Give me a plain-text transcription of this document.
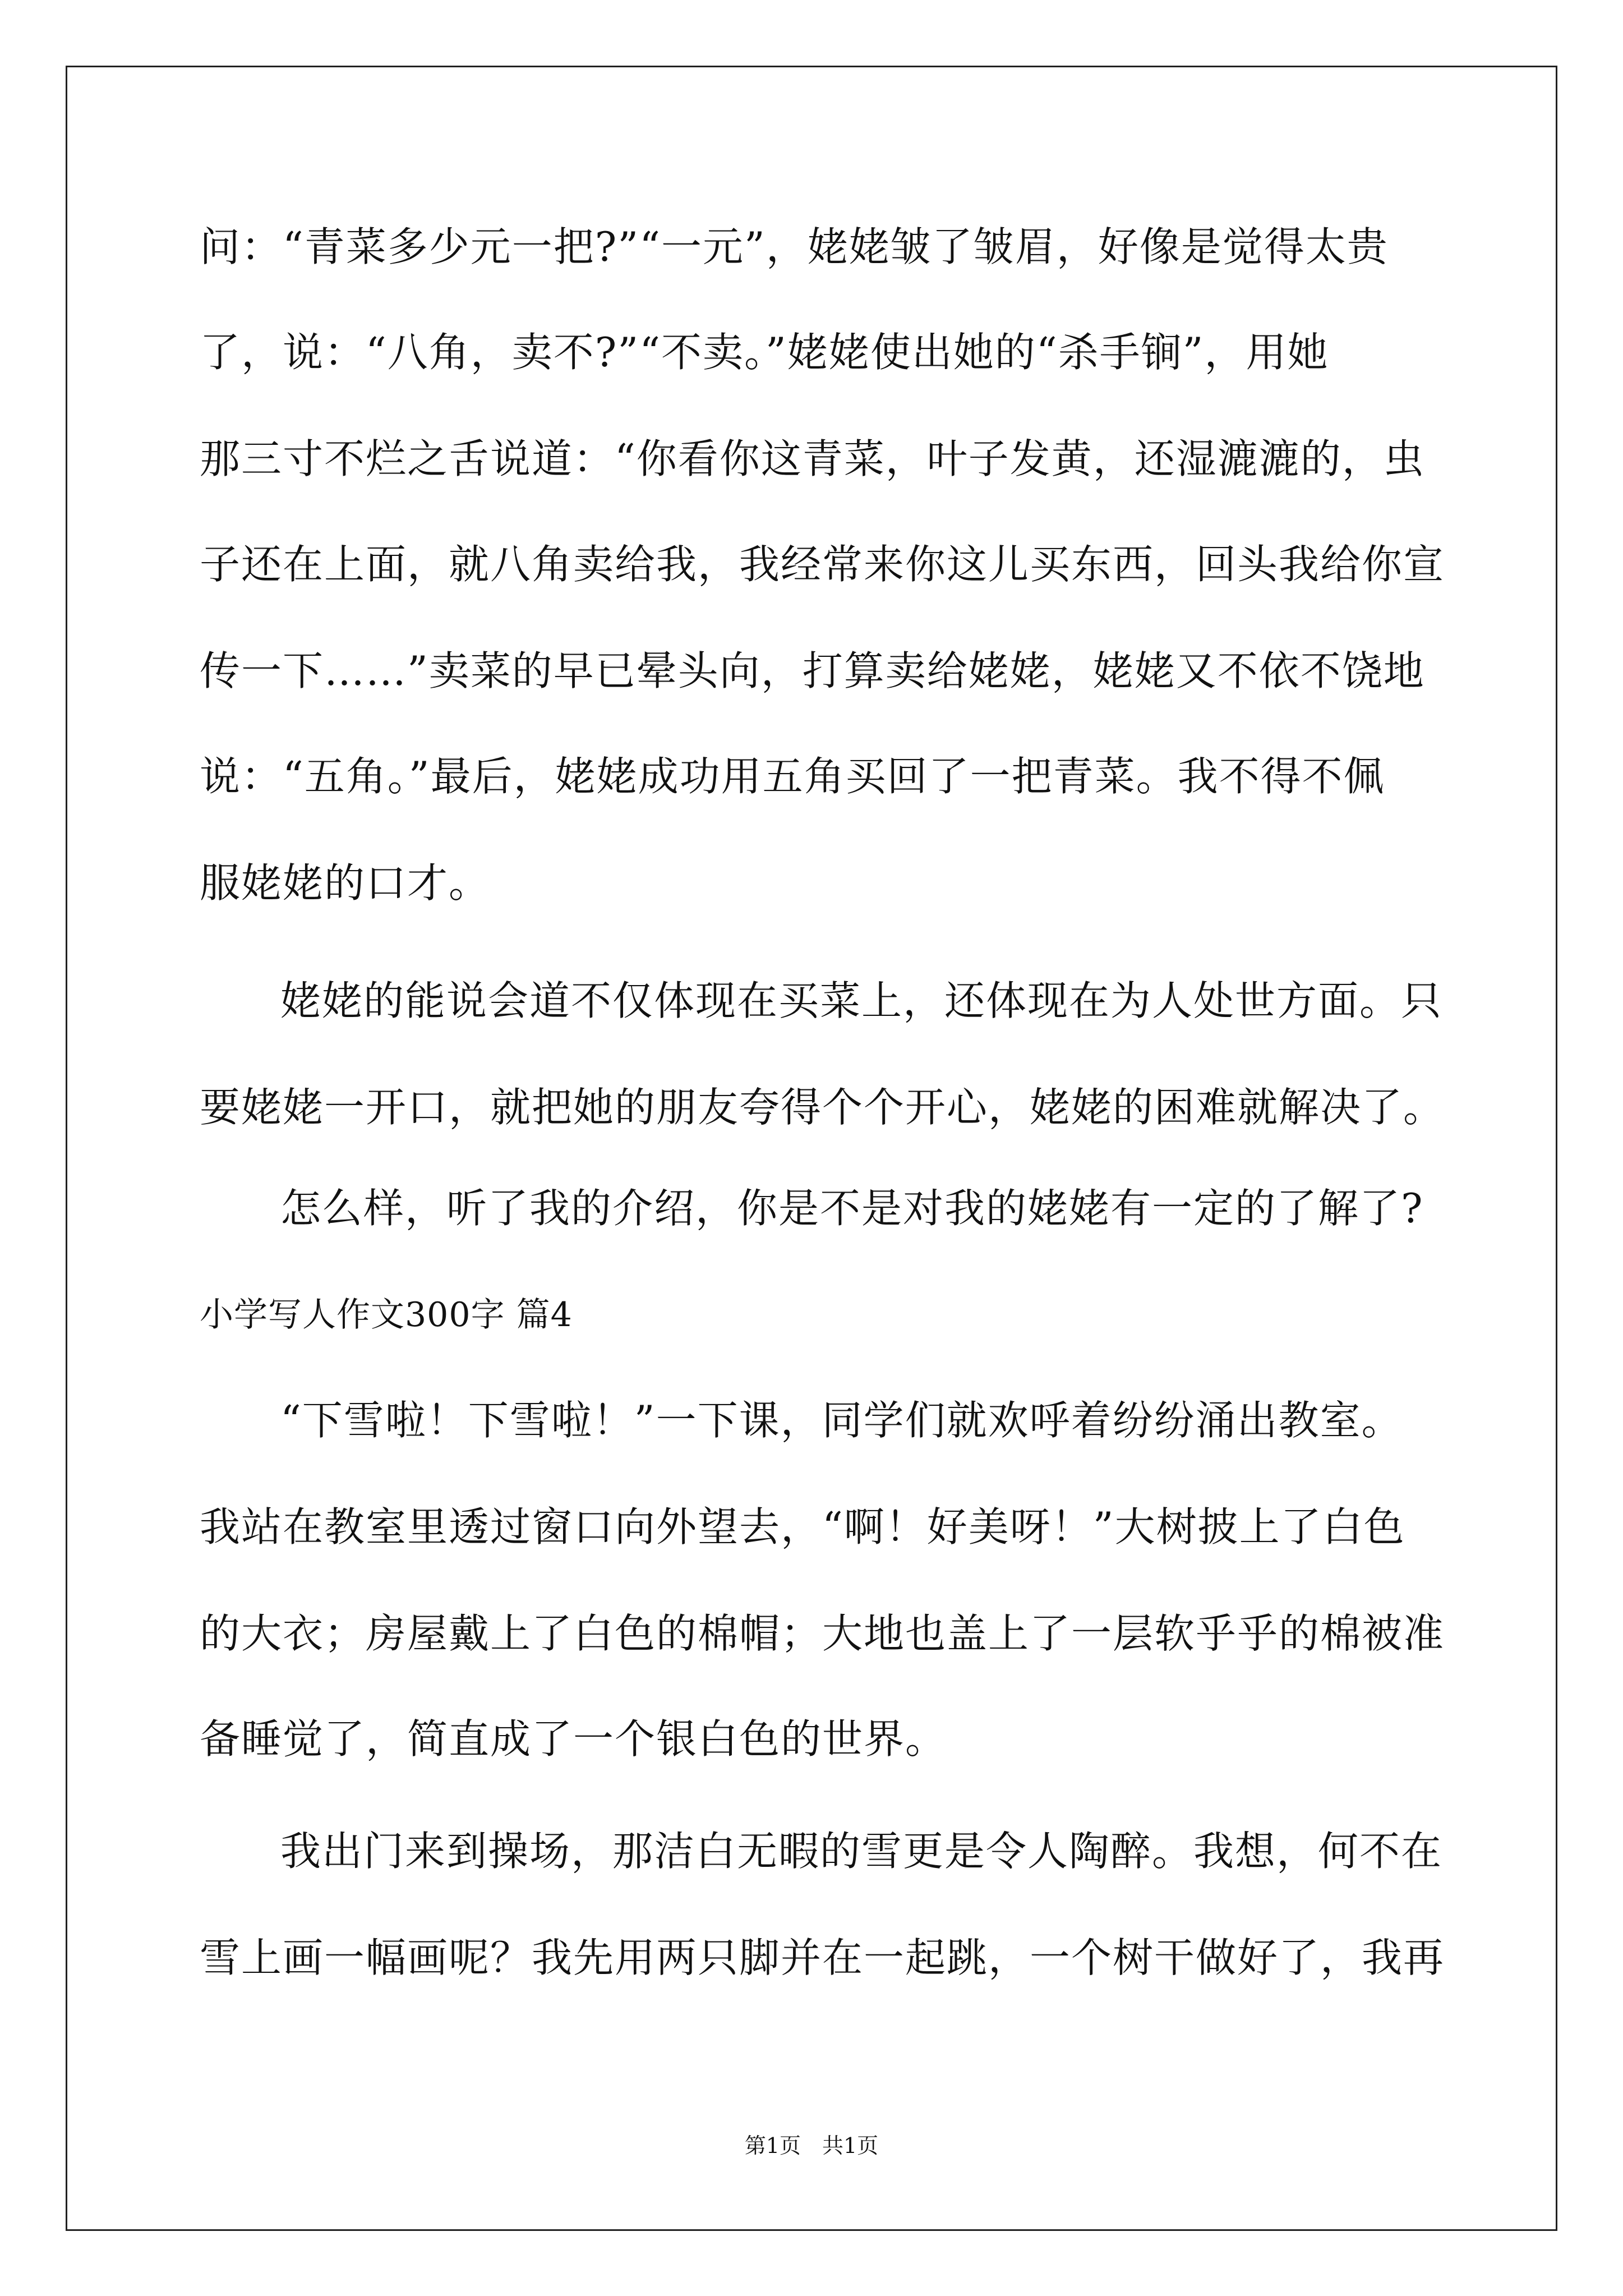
问：“青菜多少元一把?”“一元”，姥姥皱了皱眉，好像是觉得太贵
了，说：“八角，卖不?”“不卖。”姥姥使出她的“杀手锏”，用她
那三寸不烂之舌说道：“你看你这青菜，叶子发黄，还湿漉漉的，虫
子还在上面，就八角卖给我，我经常来你这儿买东西，回头我给你宣
传一下……”卖菜的早已晕头向，打算卖给姥姥，姥姥又不依不饶地
说：“五角。”最后，姥姥成功用五角买回了一把青菜。我不得不佩
服姥姥的口才。
姥姥的能说会道不仅体现在买菜上，还体现在为人处世方面。只
要姥姥一开口，就把她的朋友夸得个个开心，姥姥的困难就解决了。
怎么样，听了我的介绍，你是不是对我的姥姥有一定的了解了?
小学写人作文300字 篇4
“下雪啦！下雪啦！”一下课，同学们就欢呼着纷纷涌出教室。
我站在教室里透过窗口向外望去，“啊！好美呀！”大树披上了白色
的大衣；房屋戴上了白色的棉帽；大地也盖上了一层软乎乎的棉被准
备睡觉了，简直成了一个银白色的世界。
我出门来到操场，那洁白无暇的雪更是令人陶醉。我想，何不在
雪上画一幅画呢？我先用两只脚并在一起跳，一个树干做好了，我再
第1页　共1页
